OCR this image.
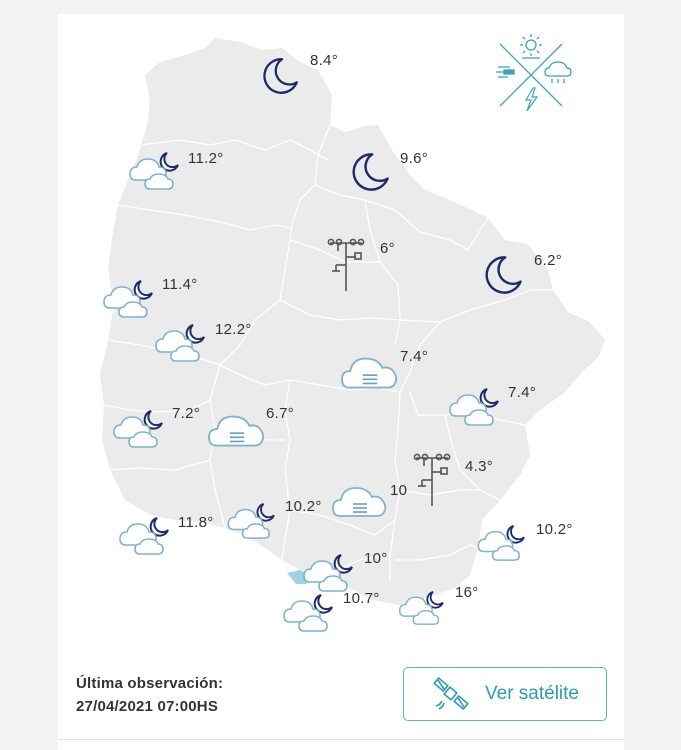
8.4°
9.6°
11.2°
6°
6.2°
11.4°
12.2°
7.4°
7.4°
7.2°	6.7°
10
4.3°
11.8°
10.2°
10.2°
10°
10.7°	16°
Última observación:
27/04/2021 07:00HS
Ver satélite
